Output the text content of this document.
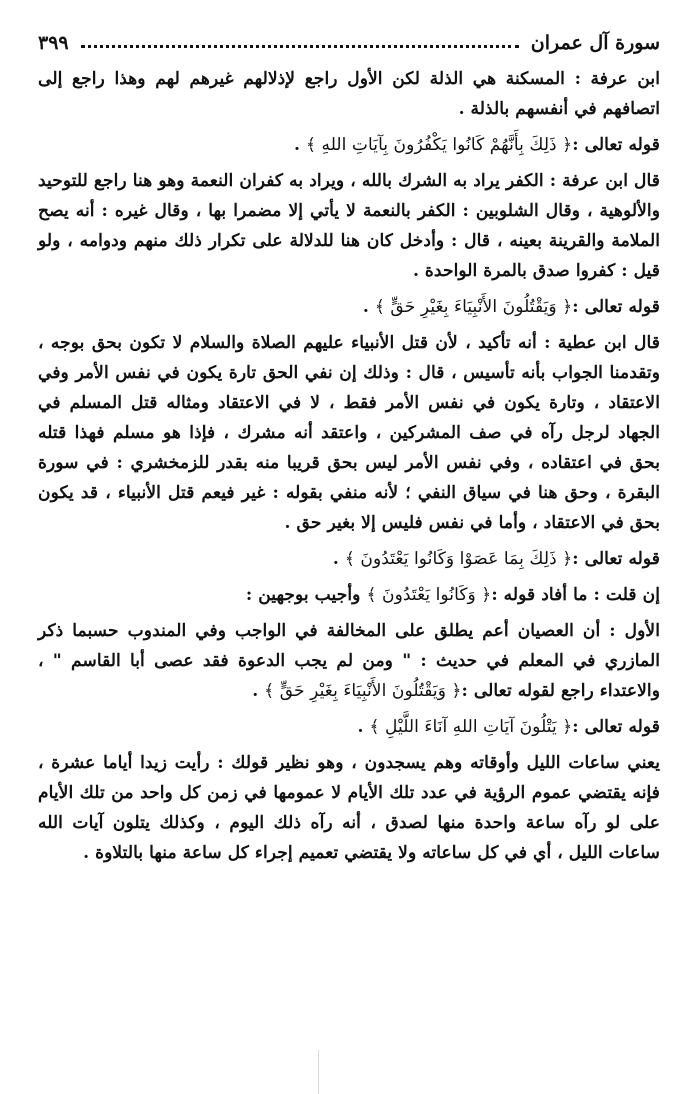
سورة آل عمران
٣٩٩

ابن عرفة : المسكنة هي الذلة لكن الأول راجع لإذلالهم غيرهم لهم وهذا راجع إلى اتصافهم في أنفسهم بالذلة .

قوله تعالى :﴿ ذَلِكَ بِأَنَّهُمْ كَانُوا يَكْفُرُونَ بِآيَاتِ اللهِ ﴾ .

قال ابن عرفة : الكفر يراد به الشرك بالله ، ويراد به كفران النعمة وهو هنا راجع للتوحيد والألوهية ، وقال الشلوبين : الكفر بالنعمة لا يأتي إلا مضمرا بها ، وقال غيره : أنه يصح الملامة والقرينة بعينه ، قال : وأدخل كان هنا للدلالة على تكرار ذلك منهم ودوامه ، ولو قيل : كفروا صدق بالمرة الواحدة .

قوله تعالى :﴿ وَيَقْتُلُونَ الأَنْبِيَاءَ بِغَيْرِ حَقٍّ ﴾ .

قال ابن عطية : أنه تأكيد ، لأن قتل الأنبياء عليهم الصلاة والسلام لا تكون بحق بوجه ، وتقدمنا الجواب بأنه تأسيس ، قال : وذلك إن نفي الحق تارة يكون في نفس الأمر وفي الاعتقاد ، وتارة يكون في نفس الأمر فقط ، لا في الاعتقاد ومثاله قتل المسلم في الجهاد لرجل رآه في صف المشركين ، واعتقد أنه مشرك ، فإذا هو مسلم فهذا قتله بحق في اعتقاده ، وفي نفس الأمر ليس بحق قريبا منه بقدر للزمخشري : في سورة البقرة ، وحق هنا في سياق النفي ؛ لأنه منفي بقوله : غير فيعم قتل الأنبياء ، قد يكون بحق في الاعتقاد ، وأما في نفس فليس إلا بغير حق .

قوله تعالى :﴿ ذَلِكَ بِمَا عَصَوْا وَكَانُوا يَعْتَدُونَ ﴾ .

إن قلت : ما أفاد قوله :﴿ وَكَانُوا يَعْتَدُونَ ﴾ وأجيب بوجهين :

الأول : أن العصيان أعم يطلق على المخالفة في الواجب وفي المندوب حسبما ذكر المازري في المعلم في حديث : " ومن لم يجب الدعوة فقد عصى أبا القاسم " ، والاعتداء راجع لقوله تعالى :﴿ وَيَقْتُلُونَ الأَنْبِيَاءَ بِغَيْرِ حَقٍّ ﴾ .

قوله تعالى :﴿ يَتْلُونَ آيَاتِ اللهِ آنَاءَ اللَّيْلِ ﴾ .

يعني ساعات الليل وأوقاته وهم يسجدون ، وهو نظير قولك : رأيت زيدا أياما عشرة ، فإنه يقتضي عموم الرؤية في عدد تلك الأيام لا عمومها في زمن كل واحد من تلك الأيام على لو رآه ساعة واحدة منها لصدق ، أنه رآه ذلك اليوم ، وكذلك يتلون آيات الله ساعات الليل ، أي في كل ساعاته ولا يقتضي تعميم إجراء كل ساعة منها بالتلاوة .
